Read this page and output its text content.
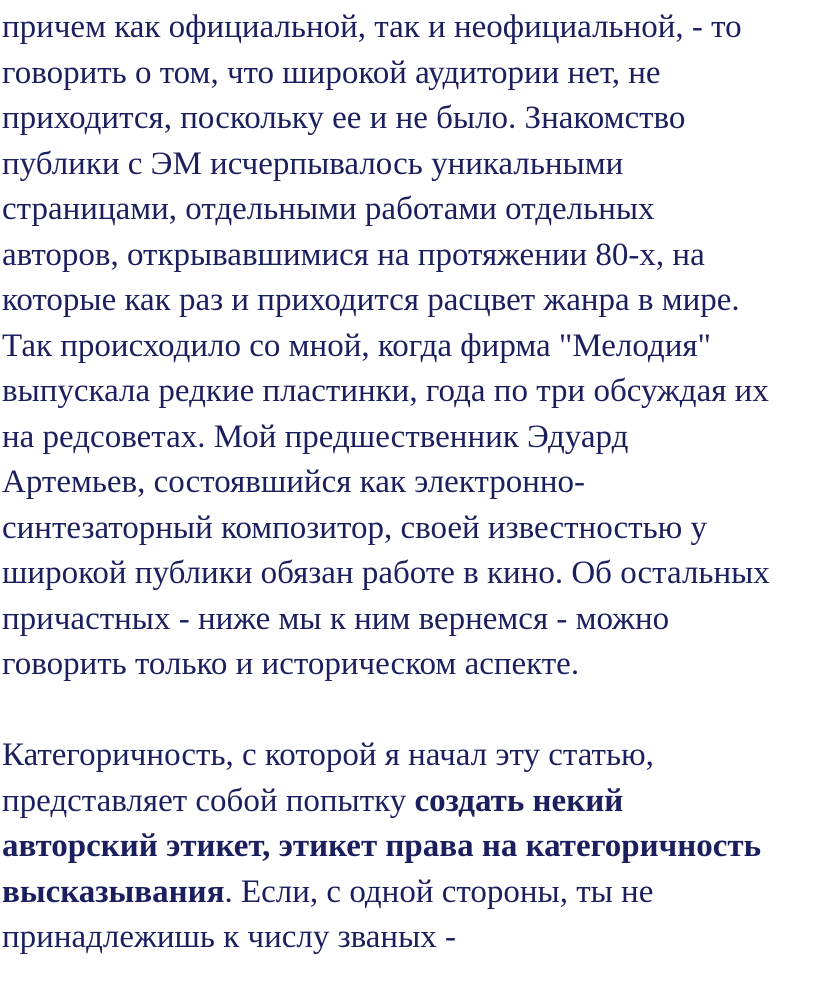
причем как официальной, так и неофициальной, - то
говорить о том, что широкой аудитории нет, не
приходится, поскольку ее и не было. Знакомство
публики с ЭМ исчерпывалось уникальными
страницами, отдельными работами отдельных
авторов, открывавшимися на протяжении 80-х, на
которые как раз и приходится расцвет жанра в мире.
Так происходило со мной, когда фирма "Мелодия"
выпускала редкие пластинки, года по три обсуждая их
на редсоветах. Мой предшественник Эдуард
Артемьев, состоявшийся как электронно-
синтезаторный композитор, своей известностью у
широкой публики обязан работе в кино. Об остальных
причастных - ниже мы к ним вернемся - можно
говорить только и историческом аспекте.

Категоричность, с которой я начал эту статью,
представляет собой попытку создать некий
авторский этикет, этикет права на категоричность
высказывания. Если, с одной стороны, ты не
принадлежишь к числу званых -
